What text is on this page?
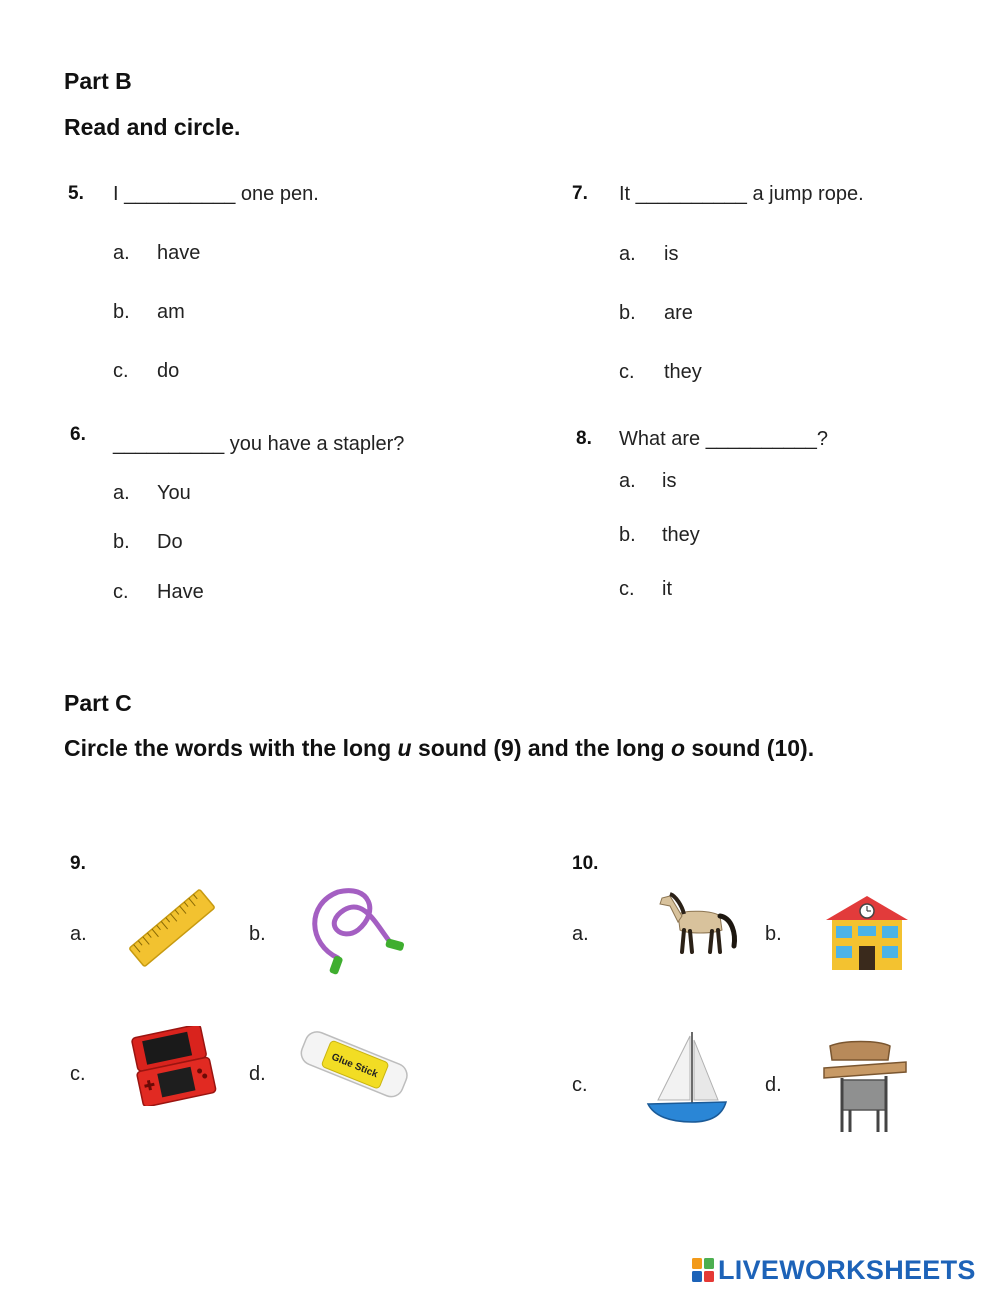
Part B
Read and circle.
5. I __________ one pen.
a. have
b. am
c. do
6. __________ you have a stapler?
a. You
b. Do
c. Have
7. It __________ a jump rope.
a. is
b. are
c. they
8. What are __________?
a. is
b. they
c. it
Part C
Circle the words with the long u sound (9) and the long o sound (10).
9.
a.	b.
c.	d.	Glue Stick
10.
a.	b.
c.	d.
LIVEWORKSHEETS
